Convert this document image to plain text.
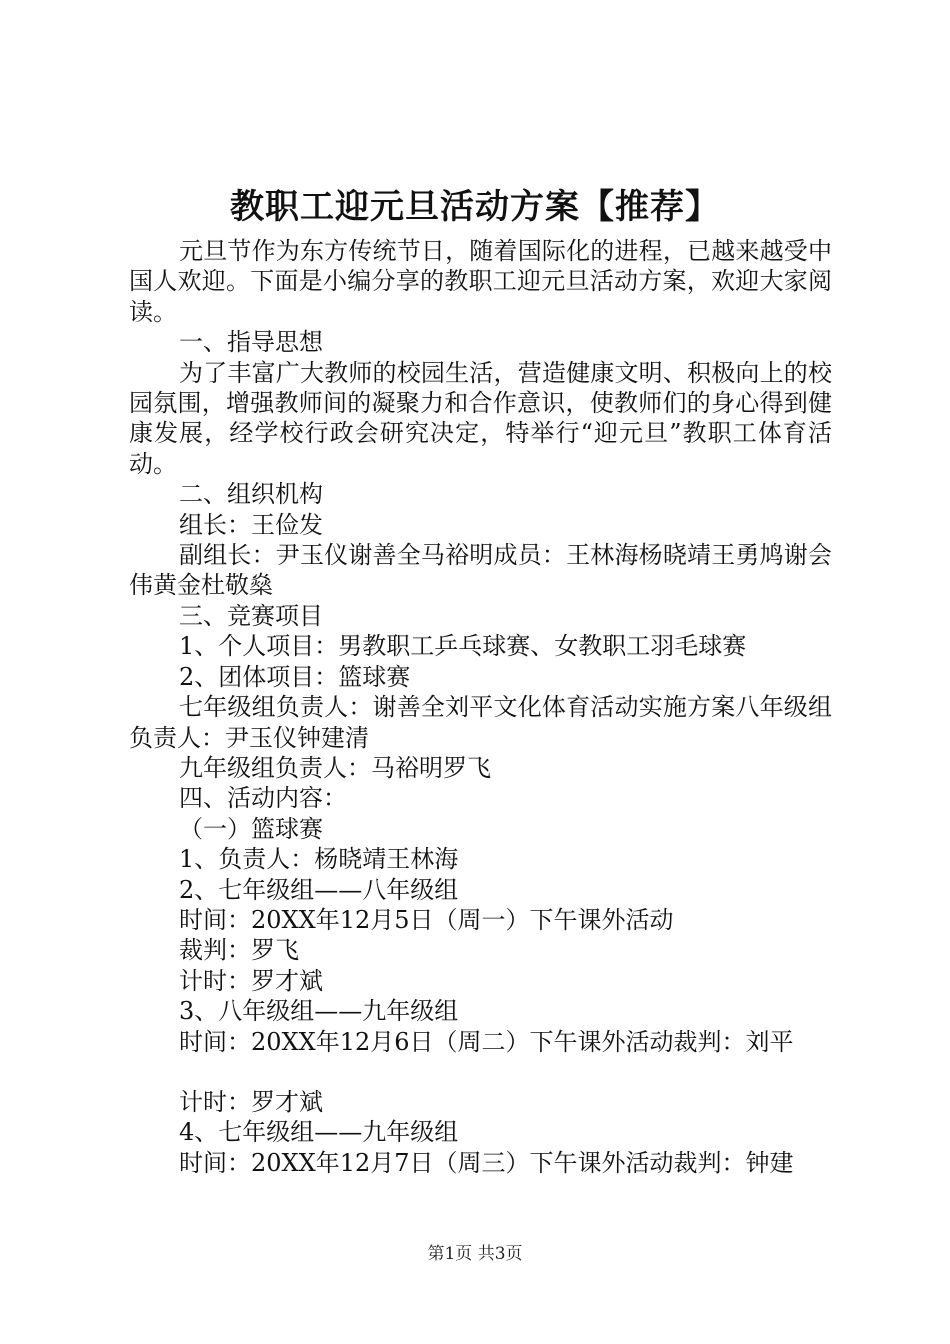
教职工迎元旦活动方案【推荐】

元旦节作为东方传统节日，随着国际化的进程，已越来越受中国人欢迎。下面是小编分享的教职工迎元旦活动方案，欢迎大家阅读。

一、指导思想

为了丰富广大教师的校园生活，营造健康文明、积极向上的校园氛围，增强教师间的凝聚力和合作意识，使教师们的身心得到健康发展，经学校行政会研究决定，特举行“迎元旦”教职工体育活动。

二、组织机构

组长：王俭发

副组长：尹玉仪谢善全马裕明成员：王林海杨晓靖王勇鸠谢会伟黄金杜敬燊

三、竞赛项目

1、个人项目：男教职工乒乓球赛、女教职工羽毛球赛

2、团体项目：篮球赛

七年级组负责人：谢善全刘平文化体育活动实施方案八年级组负责人：尹玉仪钟建清

九年级组负责人：马裕明罗飞

四、活动内容：

（一）篮球赛

1、负责人：杨晓靖王林海

2、七年级组——八年级组

时间：20XX年12月5日（周一）下午课外活动

裁判：罗飞

计时：罗才斌

3、八年级组——九年级组

时间：20XX年12月6日（周二）下午课外活动裁判：刘平

计时：罗才斌

4、七年级组——九年级组

时间：20XX年12月7日（周三）下午课外活动裁判：钟建

第1页 共3页
